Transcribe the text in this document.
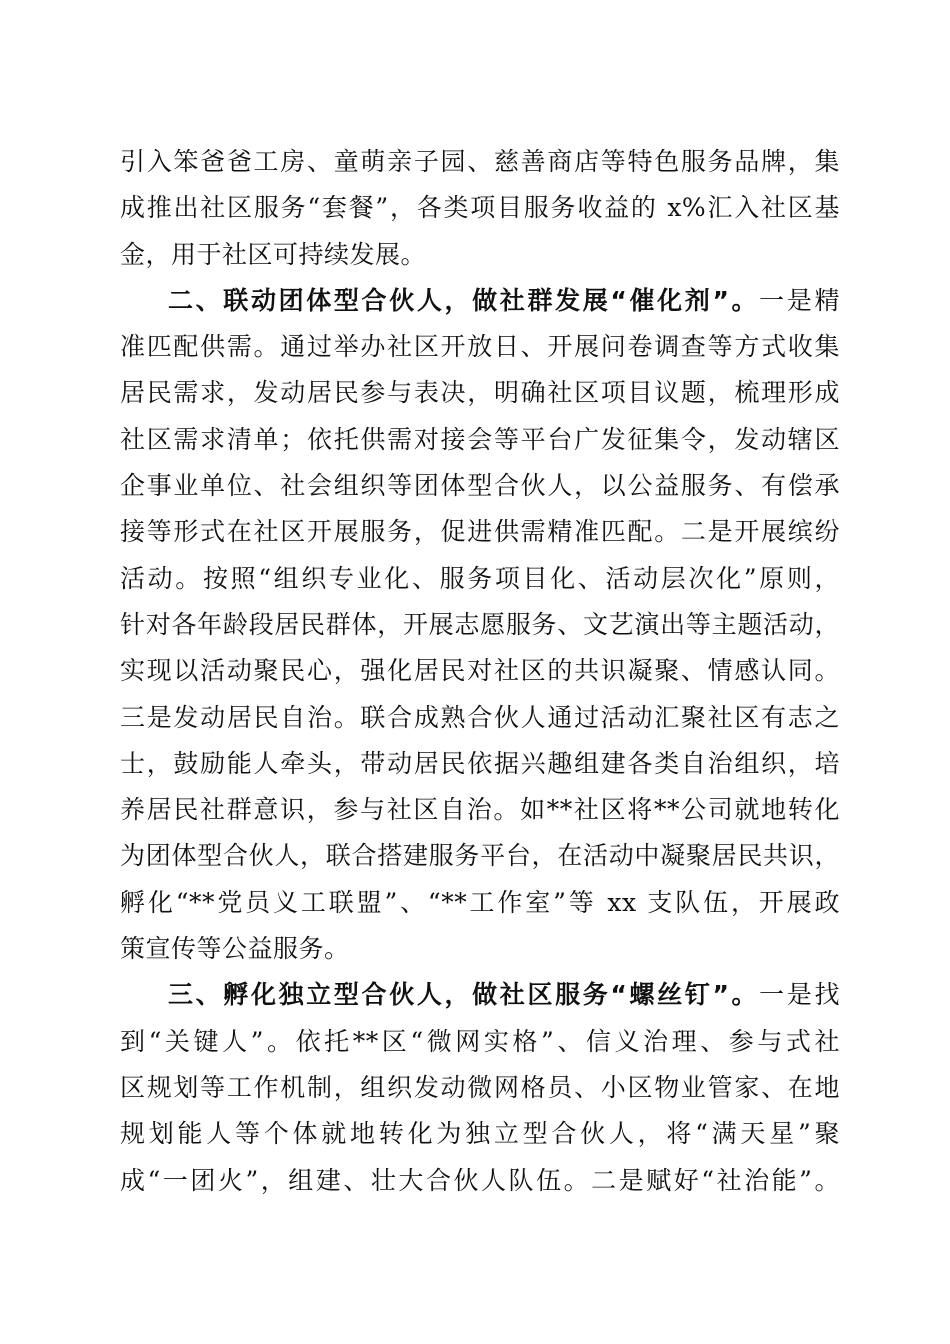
引入笨爸爸工房、童萌亲子园、慈善商店等特色服务品牌，集
成推出社区服务“套餐”，各类项目服务收益的 x%汇入社区基
金，用于社区可持续发展。
二、联动团体型合伙人，做社群发展“催化剂”。一是精
准匹配供需。通过举办社区开放日、开展问卷调查等方式收集
居民需求，发动居民参与表决，明确社区项目议题，梳理形成
社区需求清单；依托供需对接会等平台广发征集令，发动辖区
企事业单位、社会组织等团体型合伙人，以公益服务、有偿承
接等形式在社区开展服务，促进供需精准匹配。二是开展缤纷
活动。按照“组织专业化、服务项目化、活动层次化”原则，
针对各年龄段居民群体，开展志愿服务、文艺演出等主题活动，
实现以活动聚民心，强化居民对社区的共识凝聚、情感认同。
三是发动居民自治。联合成熟合伙人通过活动汇聚社区有志之
士，鼓励能人牵头，带动居民依据兴趣组建各类自治组织，培
养居民社群意识，参与社区自治。如**社区将**公司就地转化
为团体型合伙人，联合搭建服务平台，在活动中凝聚居民共识，
孵化“**党员义工联盟”、“**工作室”等 xx 支队伍，开展政
策宣传等公益服务。
三、孵化独立型合伙人，做社区服务“螺丝钉”。一是找
到“关键人”。依托**区“微网实格”、信义治理、参与式社
区规划等工作机制，组织发动微网格员、小区物业管家、在地
规划能人等个体就地转化为独立型合伙人，将“满天星”聚
成“一团火”，组建、壮大合伙人队伍。二是赋好“社治能”。
